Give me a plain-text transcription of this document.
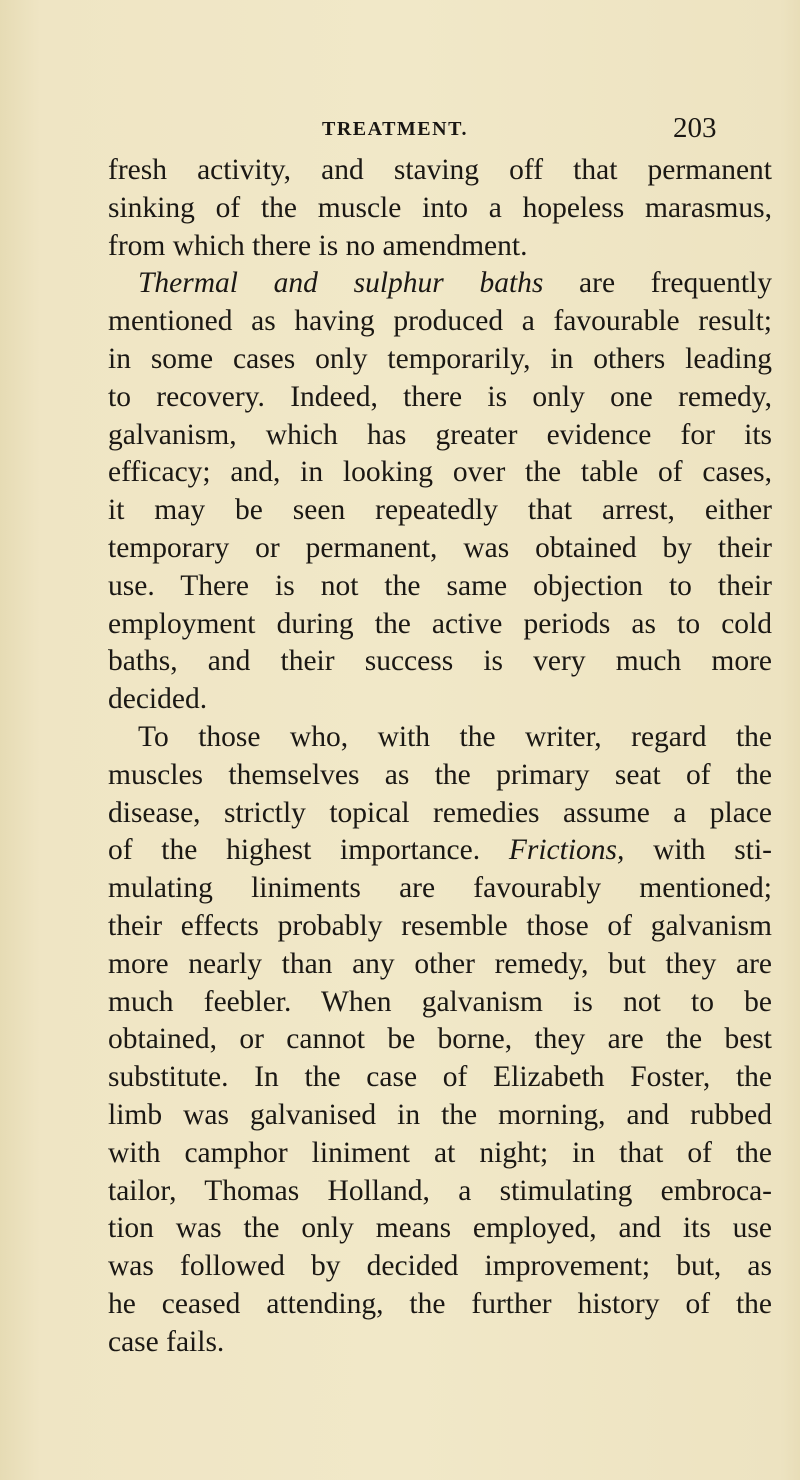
TREATMENT.	203
fresh activity, and staving off that permanent
sinking of the muscle into a hopeless marasmus,
from which there is no amendment.
Thermal and sulphur baths are frequently
mentioned as having produced a favourable result;
in some cases only temporarily, in others leading
to recovery. Indeed, there is only one remedy,
galvanism, which has greater evidence for its
efficacy; and, in looking over the table of cases,
it may be seen repeatedly that arrest, either
temporary or permanent, was obtained by their
use. There is not the same objection to their
employment during the active periods as to cold
baths, and their success is very much more
decided.
To those who, with the writer, regard the
muscles themselves as the primary seat of the
disease, strictly topical remedies assume a place
of the highest importance. Frictions, with sti-
mulating liniments are favourably mentioned;
their effects probably resemble those of galvanism
more nearly than any other remedy, but they are
much feebler. When galvanism is not to be
obtained, or cannot be borne, they are the best
substitute. In the case of Elizabeth Foster, the
limb was galvanised in the morning, and rubbed
with camphor liniment at night; in that of the
tailor, Thomas Holland, a stimulating embroca-
tion was the only means employed, and its use
was followed by decided improvement; but, as
he ceased attending, the further history of the
case fails.
